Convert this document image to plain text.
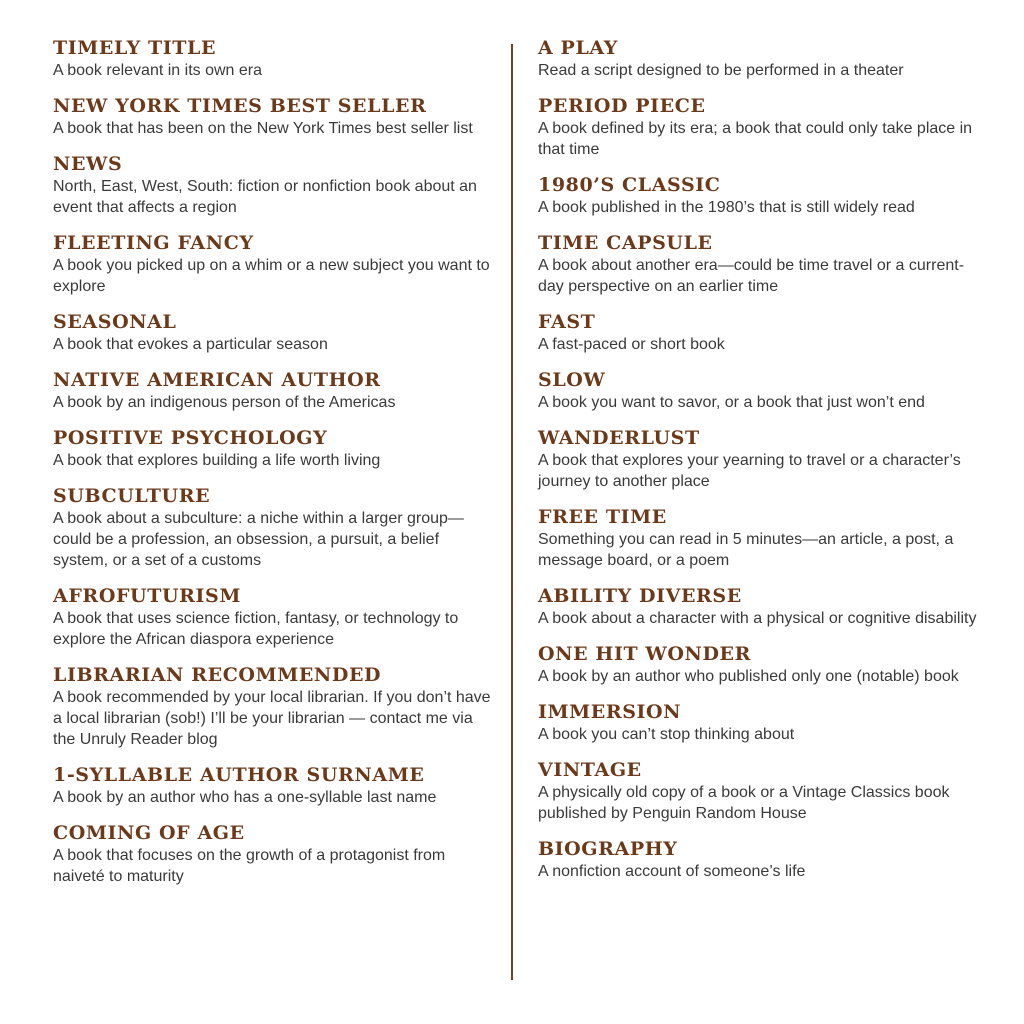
TIMELY TITLE

A book relevant in its own era

NEW YORK TIMES BEST SELLER

A book that has been on the New York Times best seller list

NEWS

North, East, West, South: fiction or nonfiction book about an event that affects a region

FLEETING FANCY

A book you picked up on a whim or a new subject you want to explore

SEASONAL

A book that evokes a particular season

NATIVE AMERICAN AUTHOR

A book by an indigenous person of the Americas

POSITIVE PSYCHOLOGY

A book that explores building a life worth living

SUBCULTURE

A book about a subculture: a niche within a larger group—could be a profession, an obsession, a pursuit, a belief system, or a set of a customs

AFROFUTURISM

A book that uses science fiction, fantasy, or technology to explore the African diaspora experience

LIBRARIAN RECOMMENDED

A book recommended by your local librarian. If you don’t have a local librarian (sob!) I’ll be your librarian — contact me via the Unruly Reader blog

1-SYLLABLE AUTHOR SURNAME

A book by an author who has a one-syllable last name

COMING OF AGE

A book that focuses on the growth of a protagonist from naiveté to maturity

A PLAY

Read a script designed to be performed in a theater

PERIOD PIECE

A book defined by its era; a book that could only take place in that time

1980’S CLASSIC

A book published in the 1980’s that is still widely read

TIME CAPSULE

A book about another era—could be time travel or a current-day perspective on an earlier time

FAST

A fast-paced or short book

SLOW

A book you want to savor, or a book that just won’t end

WANDERLUST

A book that explores your yearning to travel or a character’s journey to another place

FREE TIME

Something you can read in 5 minutes—an article, a post, a message board, or a poem

ABILITY DIVERSE

A book about a character with a physical or cognitive disability

ONE HIT WONDER

A book by an author who published only one (notable) book

IMMERSION

A book you can’t stop thinking about

VINTAGE

A physically old copy of a book or a Vintage Classics book published by Penguin Random House

BIOGRAPHY

A nonfiction account of someone’s life
